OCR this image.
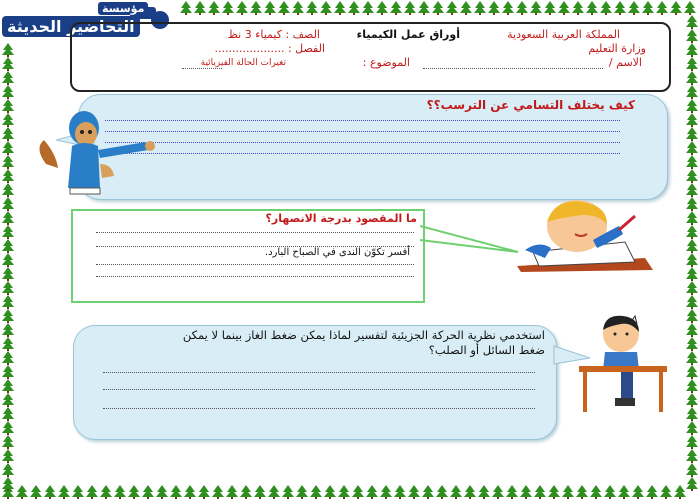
مؤسسة
التحاضير الحديثة	المملكة العربية السعودية
وزارة التعليم
أوراق عمل الكيمياء
الصف : كيمياء 3 نظ
الفصل : ....................
الاسم /
الموضوع :
تغيرات الحالة الفيزيائية
كيف يختلف التسامي عن الترسب؟؟
ما المقصود بدرجة الانصهار؟
أفسر تكوّن الندى في الصباح البارد.
استخدمي نظرية الحركة الجزيئية لتفسير لماذا يمكن ضغط الغاز بينما لا يمكن ضغط السائل أو الصلب؟
